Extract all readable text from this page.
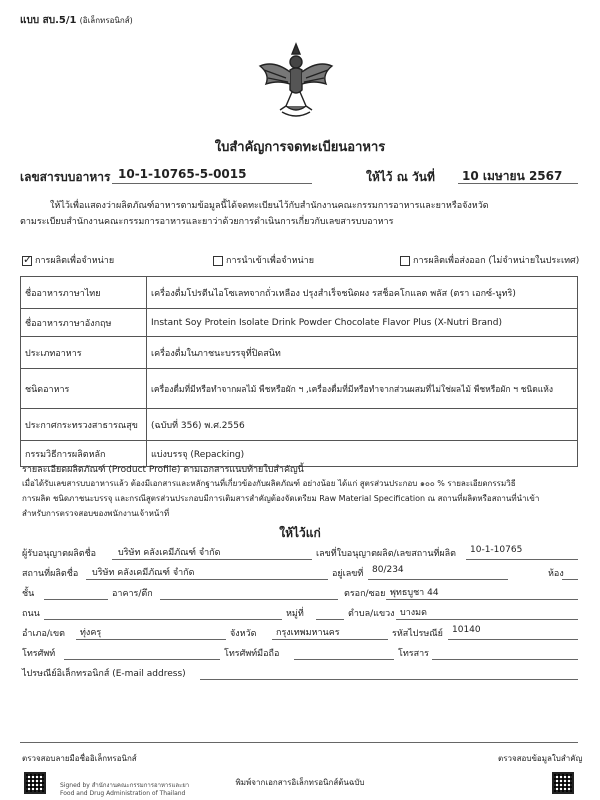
แบบ สบ.5/1 (อิเล็กทรอนิกส์)
ใบสำคัญการจดทะเบียนอาหาร
เลขสารบบอาหาร 10-1-10765-5-0015	ให้ไว้ ณ วันที่ 10 เมษายน 2567
ให้ไว้เพื่อแสดงว่าผลิตภัณฑ์อาหารตามข้อมูลนี้ได้จดทะเบียนไว้กับสำนักงานคณะกรรมการอาหารและยาหรือจังหวัด
ตามระเบียบสำนักงานคณะกรรมการอาหารและยาว่าด้วยการดำเนินการเกี่ยวกับเลขสารบบอาหาร
✓การผลิตเพื่อจำหน่าย	การนำเข้าเพื่อจำหน่าย	การผลิตเพื่อส่งออก (ไม่จำหน่ายในประเทศ)
ชื่ออาหารภาษาไทย	เครื่องดื่มโปรตีนไอโซเลทจากถั่วเหลือง ปรุงสำเร็จชนิดผง รสช็อคโกแลต พลัส (ตรา เอกซ์-นูทริ)
ชื่ออาหารภาษาอังกฤษ	Instant Soy Protein Isolate Drink Powder Chocolate Flavor Plus (X-Nutri Brand)
ประเภทอาหาร	เครื่องดื่มในภาชนะบรรจุที่ปิดสนิท
ชนิดอาหาร	เครื่องดื่มที่มีหรือทำจากผลไม้ พืชหรือผัก ฯ ,เครื่องดื่มที่มีหรือทำจากส่วนผสมที่ไม่ใช่ผลไม้ พืชหรือผัก ฯ ชนิดแห้ง
ประกาศกระทรวงสาธารณสุข	(ฉบับที่ 356) พ.ศ.2556
กรรมวิธีการผลิตหลัก	แบ่งบรรจุ (Repacking)
รายละเอียดผลิตภัณฑ์ (Product Profile) ตามเอกสารแนบท้ายใบสำคัญนี้
เมื่อได้รับเลขสารบบอาหารแล้ว ต้องมีเอกสารและหลักฐานที่เกี่ยวข้องกับผลิตภัณฑ์ อย่างน้อย ได้แก่ สูตรส่วนประกอบ ๑๐๐ % รายละเอียดกรรมวิธี
การผลิต ชนิดภาชนะบรรจุ และกรณีสูตรส่วนประกอบมีการเติมสารสำคัญต้องจัดเตรียม Raw Material Specification ณ สถานที่ผลิตหรือสถานที่นำเข้า
สำหรับการตรวจสอบของพนักงานเจ้าหน้าที่
ให้ไว้แก่
ผู้รับอนุญาตผลิตชื่อ บริษัท คลังเคมีภัณฑ์ จำกัด	เลขที่ใบอนุญาตผลิต/เลขสถานที่ผลิต 10-1-10765
สถานที่ผลิตชื่อ บริษัท คลังเคมีภัณฑ์ จำกัด	อยู่เลขที่ 80/234	ห้อง
ชั้น	อาคาร/ตึก	ตรอก/ซอย พุทธบูชา 44
ถนน	หมู่ที่	ตำบล/แขวง บางมด
อำเภอ/เขต ทุ่งครุ	จังหวัด กรุงเทพมหานคร	รหัสไปรษณีย์ 10140
โทรศัพท์	โทรศัพท์มือถือ	โทรสาร
ไปรษณีย์อิเล็กทรอนิกส์ (E-mail address)
ตรวจสอบลายมือชื่ออิเล็กทรอนิกส์	ตรวจสอบข้อมูลใบสำคัญ
Signed by สำนักงานคณะกรรมการอาหารและยา
Food and Drug Administration of Thailand
พิมพ์จากเอกสารอิเล็กทรอนิกส์ต้นฉบับ
